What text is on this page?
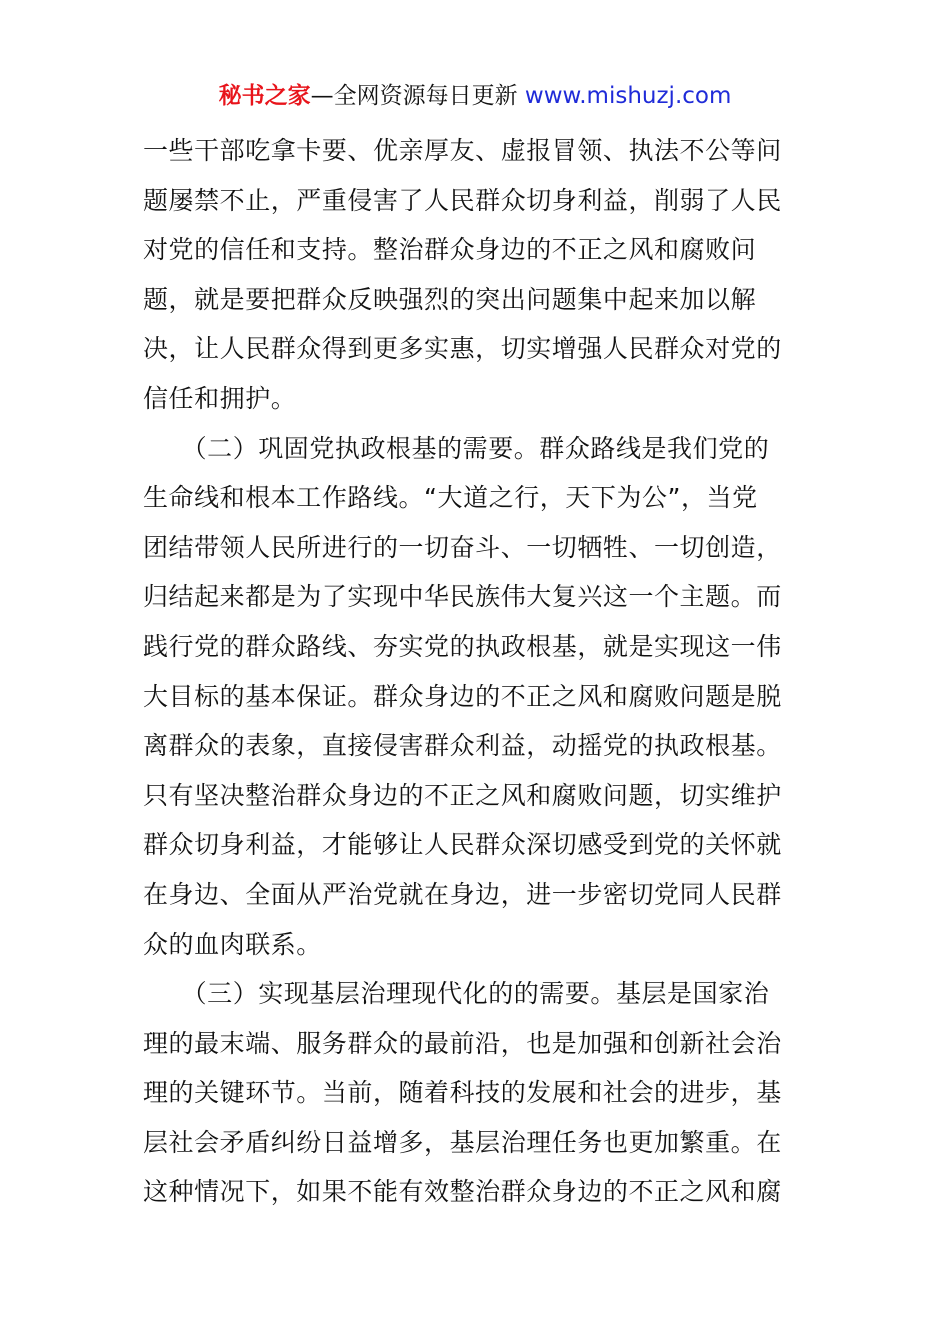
秘书之家—全网资源每日更新 www.mishuzj.com
一些干部吃拿卡要、优亲厚友、虚报冒领、执法不公等问
题屡禁不止，严重侵害了人民群众切身利益，削弱了人民
对党的信任和支持。整治群众身边的不正之风和腐败问
题，就是要把群众反映强烈的突出问题集中起来加以解
决，让人民群众得到更多实惠，切实增强人民群众对党的
信任和拥护。
　　（二）巩固党执政根基的需要。群众路线是我们党的
生命线和根本工作路线。“大道之行，天下为公”，当党
团结带领人民所进行的一切奋斗、一切牺牲、一切创造，
归结起来都是为了实现中华民族伟大复兴这一个主题。而
践行党的群众路线、夯实党的执政根基，就是实现这一伟
大目标的基本保证。群众身边的不正之风和腐败问题是脱
离群众的表象，直接侵害群众利益，动摇党的执政根基。
只有坚决整治群众身边的不正之风和腐败问题，切实维护
群众切身利益，才能够让人民群众深切感受到党的关怀就
在身边、全面从严治党就在身边，进一步密切党同人民群
众的血肉联系。
　　（三）实现基层治理现代化的的需要。基层是国家治
理的最末端、服务群众的最前沿，也是加强和创新社会治
理的关键环节。当前，随着科技的发展和社会的进步，基
层社会矛盾纠纷日益增多，基层治理任务也更加繁重。在
这种情况下，如果不能有效整治群众身边的不正之风和腐
